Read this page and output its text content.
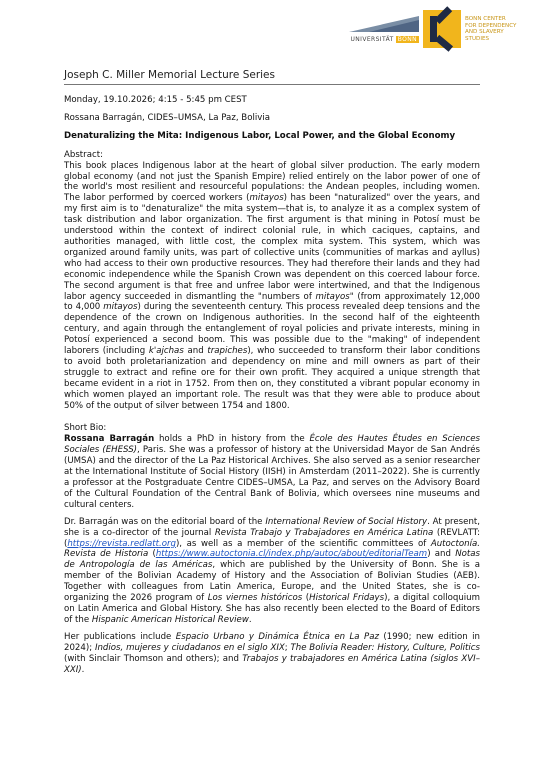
UNIVERSITÄT BONN
BONN CENTER
FOR DEPENDENCY
AND SLAVERY
STUDIES
Joseph C. Miller Memorial Lecture Series

Monday, 19.10.2026; 4:15 - 5:45 pm CEST

Rossana Barragán, CIDES–UMSA, La Paz, Bolivia

Denaturalizing the Mita: Indigenous Labor, Local Power, and the Global Economy

Abstract:

This book places Indigenous labor at the heart of global silver production. The early modern global economy (and not just the Spanish Empire) relied entirely on the labor power of one of the world's most resilient and resourceful populations: the Andean peoples, including women. The labor performed by coerced workers (mitayos) has been "naturalized" over the years, and my first aim is to "denaturalize" the mita system—that is, to analyze it as a complex system of task distribution and labor organization. The first argument is that mining in Potosí must be understood within the context of indirect colonial rule, in which caciques, captains, and authorities managed, with little cost, the complex mita system. This system, which was organized around family units, was part of collective units (communities of markas and ayllus) who had access to their own productive resources. They had therefore their lands and they had economic independence while the Spanish Crown was dependent on this coerced labour force. The second argument is that free and unfree labor were intertwined, and that the Indigenous labor agency succeeded in dismantling the "numbers of mitayos" (from approximately 12,000 to 4,000 mitayos) during the seventeenth century. This process revealed deep tensions and the dependence of the crown on Indigenous authorities. In the second half of the eighteenth century, and again through the entanglement of royal policies and private interests, mining in Potosí experienced a second boom. This was possible due to the "making" of independent laborers (including k'ajchas and trapiches), who succeeded to transform their labor conditions to avoid both proletarianization and dependency on mine and mill owners as part of their struggle to extract and refine ore for their own profit. They acquired a unique strength that became evident in a riot in 1752. From then on, they constituted a vibrant popular economy in which women played an important role. The result was that they were able to produce about 50% of the output of silver between 1754 and 1800.

Short Bio:

Rossana Barragán holds a PhD in history from the École des Hautes Études en Sciences Sociales (EHESS), Paris. She was a professor of history at the Universidad Mayor de San Andrés (UMSA) and the director of the La Paz Historical Archives. She also served as a senior researcher at the International Institute of Social History (IISH) in Amsterdam (2011–2022). She is currently a professor at the Postgraduate Centre CIDES–UMSA, La Paz, and serves on the Advisory Board of the Cultural Foundation of the Central Bank of Bolivia, which oversees nine museums and cultural centers.

Dr. Barragán was on the editorial board of the International Review of Social History. At present, she is a co-director of the journal Revista Trabajo y Trabajadores en América Latina (REVLATT: (https://revista.redlatt.org), as well as a member of the scientific committees of Autoctonía. Revista de Historia (https://www.autoctonia.cl/index.php/autoc/about/editorialTeam) and Notas de Antropología de las Américas, which are published by the University of Bonn. She is a member of the Bolivian Academy of History and the Association of Bolivian Studies (AEB). Together with colleagues from Latin America, Europe, and the United States, she is co-organizing the 2026 program of Los viernes históricos (Historical Fridays), a digital colloquium on Latin America and Global History. She has also recently been elected to the Board of Editors of the Hispanic American Historical Review.

Her publications include Espacio Urbano y Dinámica Étnica en La Paz (1990; new edition in 2024); Indios, mujeres y ciudadanos en el siglo XIX; The Bolivia Reader: History, Culture, Politics (with Sinclair Thomson and others); and Trabajos y trabajadores en América Latina (siglos XVI–XXI).
